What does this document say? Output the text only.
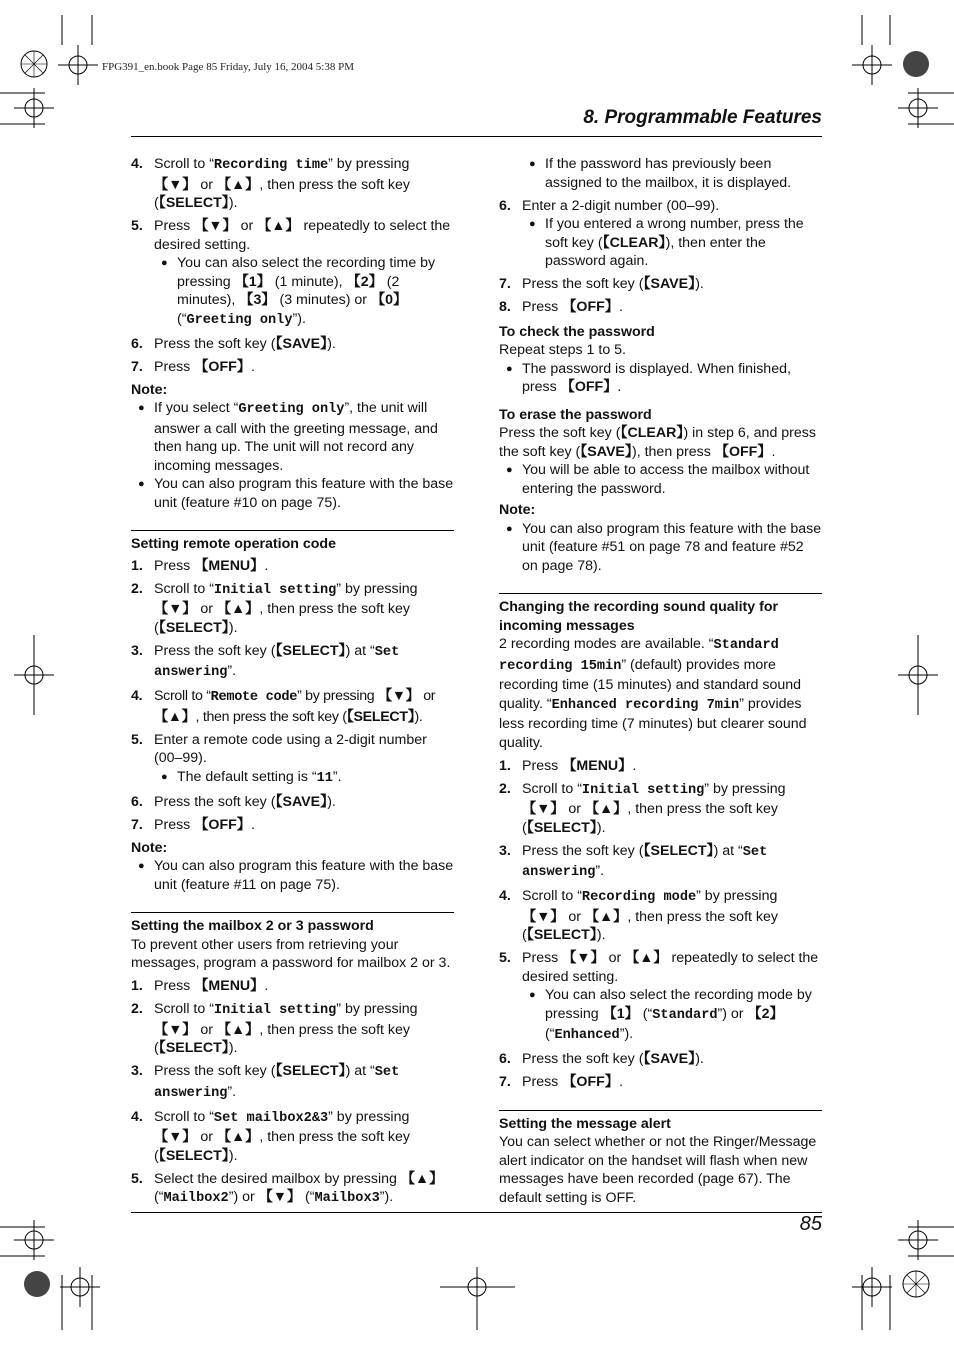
FPG391_en.book Page 85 Friday, July 16, 2004 5:38 PM
8. Programmable Features
4. Scroll to “Recording time” by pressing 【▼】 or 【▲】, then press the soft key (【SELECT】).
5. Press 【▼】 or 【▲】 repeatedly to select the desired setting.
● You can also select the recording time by pressing 【1】 (1 minute), 【2】 (2 minutes), 【3】 (3 minutes) or 【0】 (“Greeting only”).
6. Press the soft key (【SAVE】).
7. Press 【OFF】.
Note:
● If you select “Greeting only”, the unit will answer a call with the greeting message, and then hang up. The unit will not record any incoming messages.
● You can also program this feature with the base unit (feature #10 on page 75).
Setting remote operation code
1. Press 【MENU】.
2. Scroll to “Initial setting” by pressing 【▼】 or 【▲】, then press the soft key (【SELECT】).
3. Press the soft key (【SELECT】) at “Set answering”.
4. Scroll to “Remote code” by pressing 【▼】 or 【▲】, then press the soft key (【SELECT】).
5. Enter a remote code using a 2-digit number (00–99).
● The default setting is “11”.
6. Press the soft key (【SAVE】).
7. Press 【OFF】.
Note:
● You can also program this feature with the base unit (feature #11 on page 75).
Setting the mailbox 2 or 3 password
To prevent other users from retrieving your messages, program a password for mailbox 2 or 3.
1. Press 【MENU】.
2. Scroll to “Initial setting” by pressing 【▼】 or 【▲】, then press the soft key (【SELECT】).
3. Press the soft key (【SELECT】) at “Set answering”.
4. Scroll to “Set mailbox2&3” by pressing 【▼】 or 【▲】, then press the soft key (【SELECT】).
5. Select the desired mailbox by pressing 【▲】 (“Mailbox2”) or 【▼】 (“Mailbox3”).
● If the password has previously been assigned to the mailbox, it is displayed.
6. Enter a 2-digit number (00–99).
● If you entered a wrong number, press the soft key (【CLEAR】), then enter the password again.
7. Press the soft key (【SAVE】).
8. Press 【OFF】.
To check the password
Repeat steps 1 to 5.
● The password is displayed. When finished, press 【OFF】.
To erase the password
Press the soft key (【CLEAR】) in step 6, and press the soft key (【SAVE】), then press 【OFF】.
● You will be able to access the mailbox without entering the password.
Note:
● You can also program this feature with the base unit (feature #51 on page 78 and feature #52 on page 78).
Changing the recording sound quality for incoming messages
2 recording modes are available. “Standard recording 15min” (default) provides more recording time (15 minutes) and standard sound quality. “Enhanced recording 7min” provides less recording time (7 minutes) but clearer sound quality.
1. Press 【MENU】.
2. Scroll to “Initial setting” by pressing 【▼】 or 【▲】, then press the soft key (【SELECT】).
3. Press the soft key (【SELECT】) at “Set answering”.
4. Scroll to “Recording mode” by pressing 【▼】 or 【▲】, then press the soft key (【SELECT】).
5. Press 【▼】 or 【▲】 repeatedly to select the desired setting.
● You can also select the recording mode by pressing 【1】 (“Standard”) or 【2】 (“Enhanced”).
6. Press the soft key (【SAVE】).
7. Press 【OFF】.
Setting the message alert
You can select whether or not the Ringer/Message alert indicator on the handset will flash when new messages have been recorded (page 67). The default setting is OFF.
85
